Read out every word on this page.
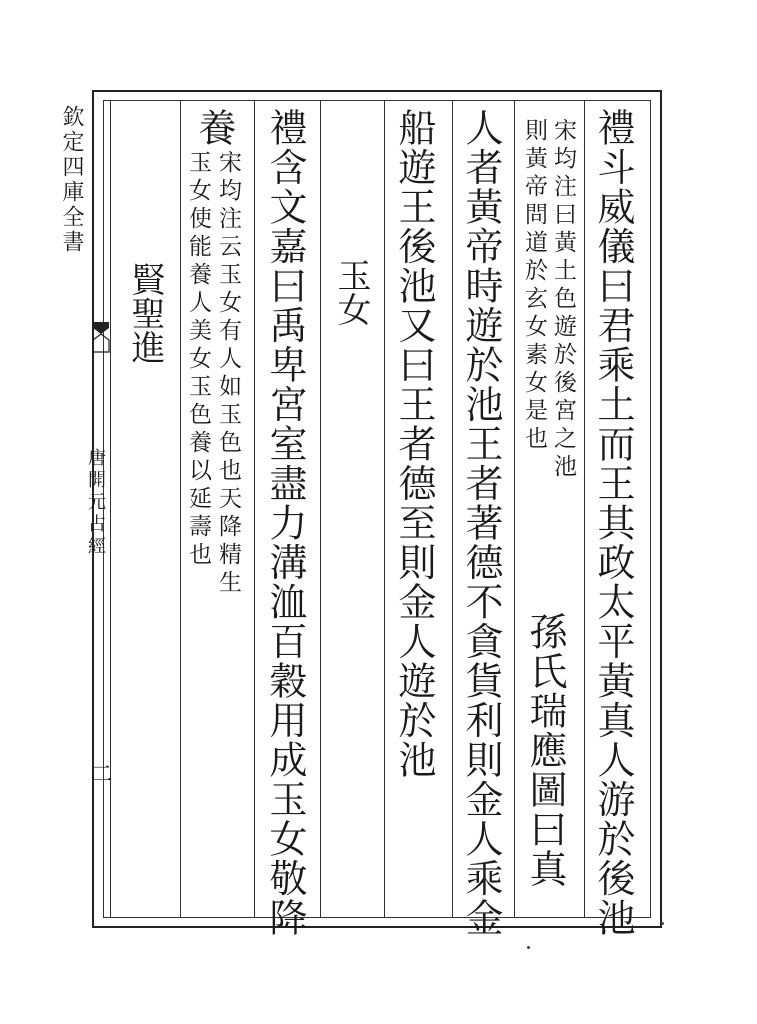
欽定四庫全書
唐開元占經
二	禮斗威儀曰君乘土而王其政太平黃真人游於後池
宋均注曰黃土色遊於後宮之池
則黃帝問道於玄女素女是也
孫氏瑞應圖曰真
人者黃帝時遊於池王者著德不貪貨利則金人乘金
船遊王後池又曰王者德至則金人遊於池
玉女
禮含文嘉曰禹卑宮室盡力溝洫百穀用成玉女敬降
養
宋均注云玉女有人如玉色也天降精生
玉女使能養人美女玉色養以延壽也
賢聖進
